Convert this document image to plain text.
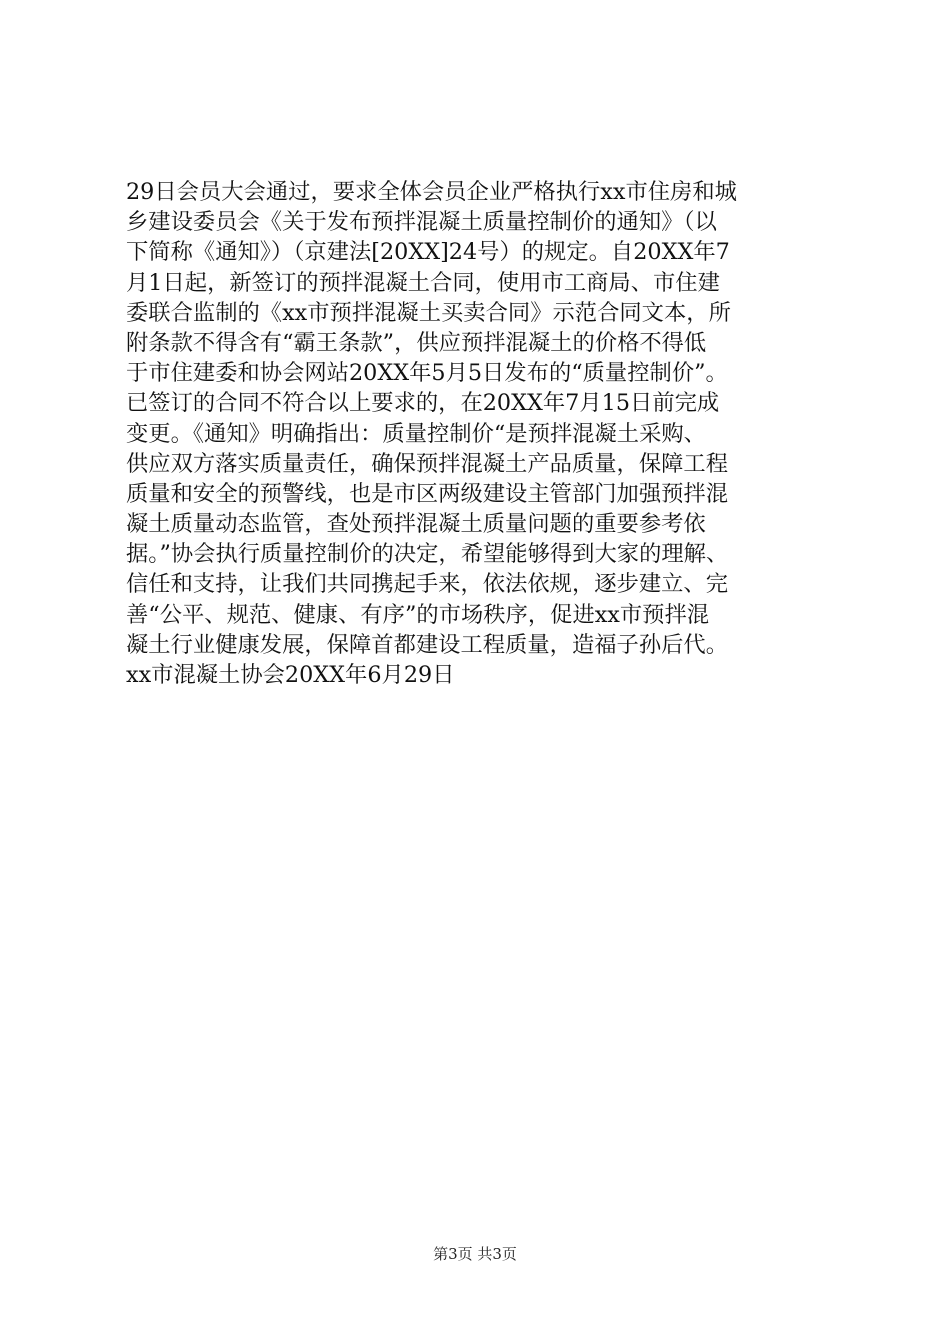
29日会员大会通过，要求全体会员企业严格执行xx市住房和城
乡建设委员会《关于发布预拌混凝土质量控制价的通知》（以
下简称《通知》）（京建法[20XX]24号）的规定。自20XX年7
月1日起，新签订的预拌混凝土合同，使用市工商局、市住建
委联合监制的《xx市预拌混凝土买卖合同》示范合同文本，所
附条款不得含有“霸王条款”，供应预拌混凝土的价格不得低
于市住建委和协会网站20XX年5月5日发布的“质量控制价”。
已签订的合同不符合以上要求的，在20XX年7月15日前完成
变更。《通知》明确指出：质量控制价“是预拌混凝土采购、
供应双方落实质量责任，确保预拌混凝土产品质量，保障工程
质量和安全的预警线，也是市区两级建设主管部门加强预拌混
凝土质量动态监管，查处预拌混凝土质量问题的重要参考依
据。”协会执行质量控制价的决定，希望能够得到大家的理解、
信任和支持，让我们共同携起手来，依法依规，逐步建立、完
善“公平、规范、健康、有序”的市场秩序，促进xx市预拌混
凝土行业健康发展，保障首都建设工程质量，造福子孙后代。
xx市混凝土协会20XX年6月29日
第3页 共3页
